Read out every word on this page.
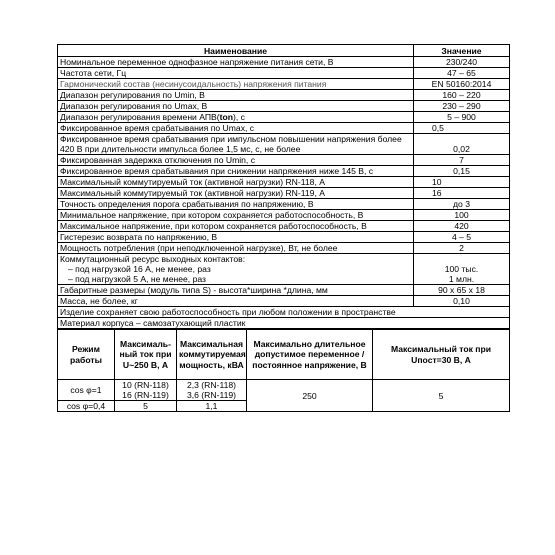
Наименование	Значение
Номинальное переменное однофазное напряжение питания сети, В	230/240
Частота сети, Гц	47 – 65
Гармонический состав (несинусоидальность) напряжения питания	EN 50160:2014
Диапазон регулирования по Umin, В	160 – 220
Диапазон регулирования по Umax, В	230 – 290
Диапазон регулирования времени АПВ(ton), с	5 – 900
Фиксированное время срабатывания по Umax, с	0,5
Фиксированное время срабатывания при импульсном повышении напряжения более 420 В при длительности импульса более 1,5 мс, с, не более	0,02
Фиксированная задержка отключения по Umin, с	7
Фиксированное время срабатывания при снижении напряжения ниже 145 В, с	0,15
Максимальный коммутируемый ток (активной нагрузки) RN-118, А	10
Максимальный коммутируемый ток (активной нагрузки) RN-119, А	16
Точность определения порога срабатывания по напряжению, В	до 3
Минимальное напряжение, при котором сохраняется работоспособность, В	100
Максимальное напряжение, при котором сохраняется работоспособность, В	420
Гистерезис возврата по напряжению, В	4 – 5
Мощность потребления (при неподключенной нагрузке), Вт, не более	2

Коммутационный ресурс выходных контактов:
– под нагрузкой 16 А, не менее, раз
– под нагрузкой 5 А, не менее, раз	100 тыс.
1 млн.

Габаритные размеры (модуль типа S) - высота*ширина *длина, мм	90 x 65 x 18
Масса, не более, кг	0,10
Изделие сохраняет свою работоспособность при любом положении в пространстве	
Материал корпуса – самозатухающий пластик	
Режим работы	Максималь-ный ток при U~250 В, А	Максимальная коммутируемая мощность, кВА	Максимально длительное допустимое переменное / постоянное напряжение, В	Максимальный ток при
Uпост=30 В, А

cos φ=1	10 (RN-118)
16 (RN-119)	2,3 (RN-118)
3,6 (RN-119)	250	5
cos φ=0,4	5	1,1		
